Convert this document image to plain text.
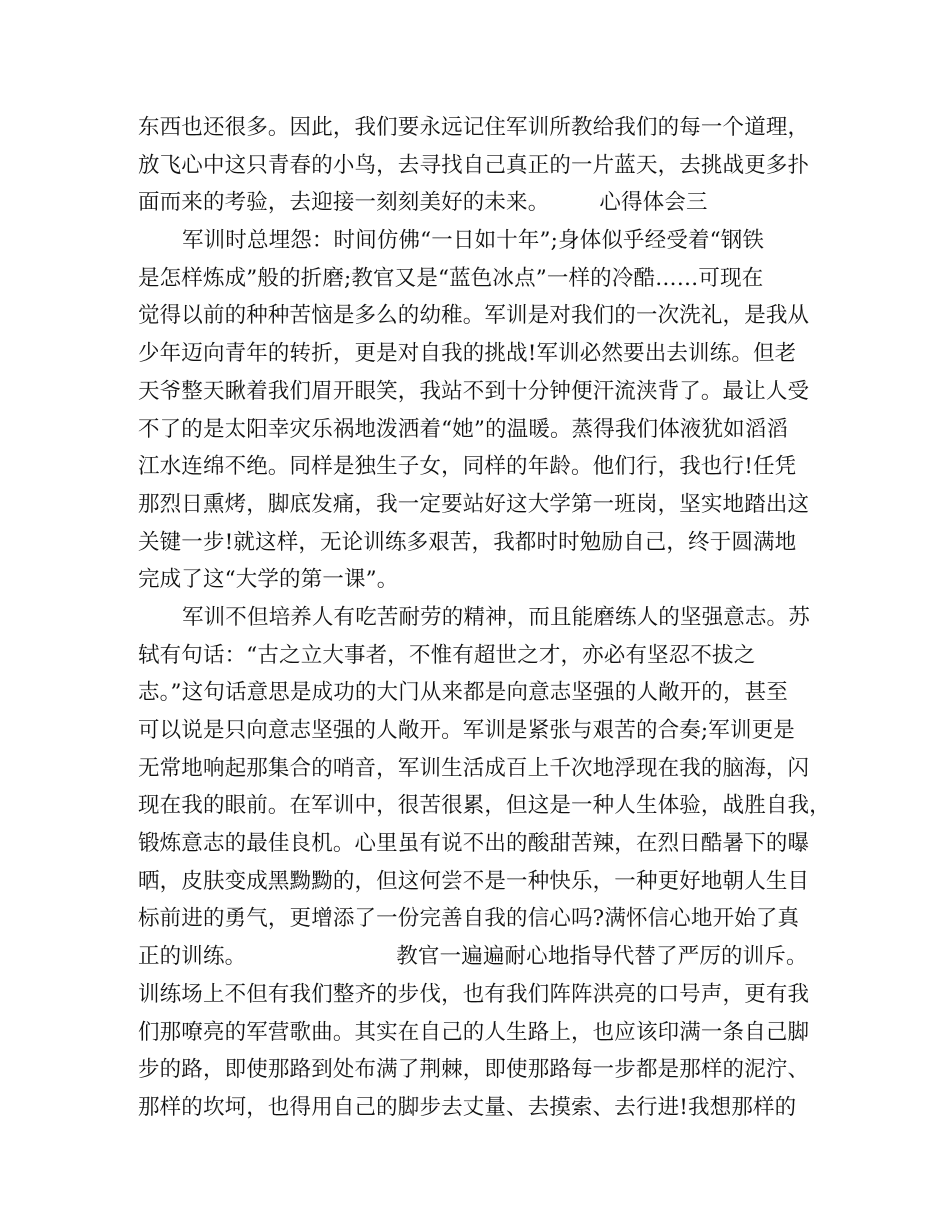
东西也还很多。因此，我们要永远记住军训所教给我们的每一个道理，
放飞心中这只青春的小鸟，去寻找自己真正的一片蓝天，去挑战更多扑
面而来的考验，去迎接一刻刻美好的未来。 心得体会三
军训时总埋怨：时间仿佛“一日如十年”;身体似乎经受着“钢铁
是怎样炼成”般的折磨;教官又是“蓝色冰点”一样的冷酷……可现在
觉得以前的种种苦恼是多么的幼稚。军训是对我们的一次洗礼，是我从
少年迈向青年的转折，更是对自我的挑战!军训必然要出去训练。但老
天爷整天瞅着我们眉开眼笑，我站不到十分钟便汗流浃背了。最让人受
不了的是太阳幸灾乐祸地泼洒着“她”的温暖。蒸得我们体液犹如滔滔
江水连绵不绝。同样是独生子女，同样的年龄。他们行，我也行!任凭
那烈日熏烤，脚底发痛，我一定要站好这大学第一班岗，坚实地踏出这
关键一步!就这样，无论训练多艰苦，我都时时勉励自己，终于圆满地
完成了这“大学的第一课”。
军训不但培养人有吃苦耐劳的精神，而且能磨练人的坚强意志。苏
轼有句话：“古之立大事者，不惟有超世之才，亦必有坚忍不拔之
志。”这句话意思是成功的大门从来都是向意志坚强的人敞开的，甚至
可以说是只向意志坚强的人敞开。军训是紧张与艰苦的合奏;军训更是
无常地响起那集合的哨音，军训生活成百上千次地浮现在我的脑海，闪
现在我的眼前。在军训中，很苦很累，但这是一种人生体验，战胜自我，
锻炼意志的最佳良机。心里虽有说不出的酸甜苦辣，在烈日酷暑下的曝
晒，皮肤变成黑黝黝的，但这何尝不是一种快乐，一种更好地朝人生目
标前进的勇气，更增添了一份完善自我的信心吗?满怀信心地开始了真
正的训练。	教官一遍遍耐心地指导代替了严厉的训斥。
训练场上不但有我们整齐的步伐，也有我们阵阵洪亮的口号声，更有我
们那嘹亮的军营歌曲。其实在自己的人生路上，也应该印满一条自己脚
步的路，即使那路到处布满了荆棘，即使那路每一步都是那样的泥泞、
那样的坎坷，也得用自己的脚步去丈量、去摸索、去行进!我想那样的
